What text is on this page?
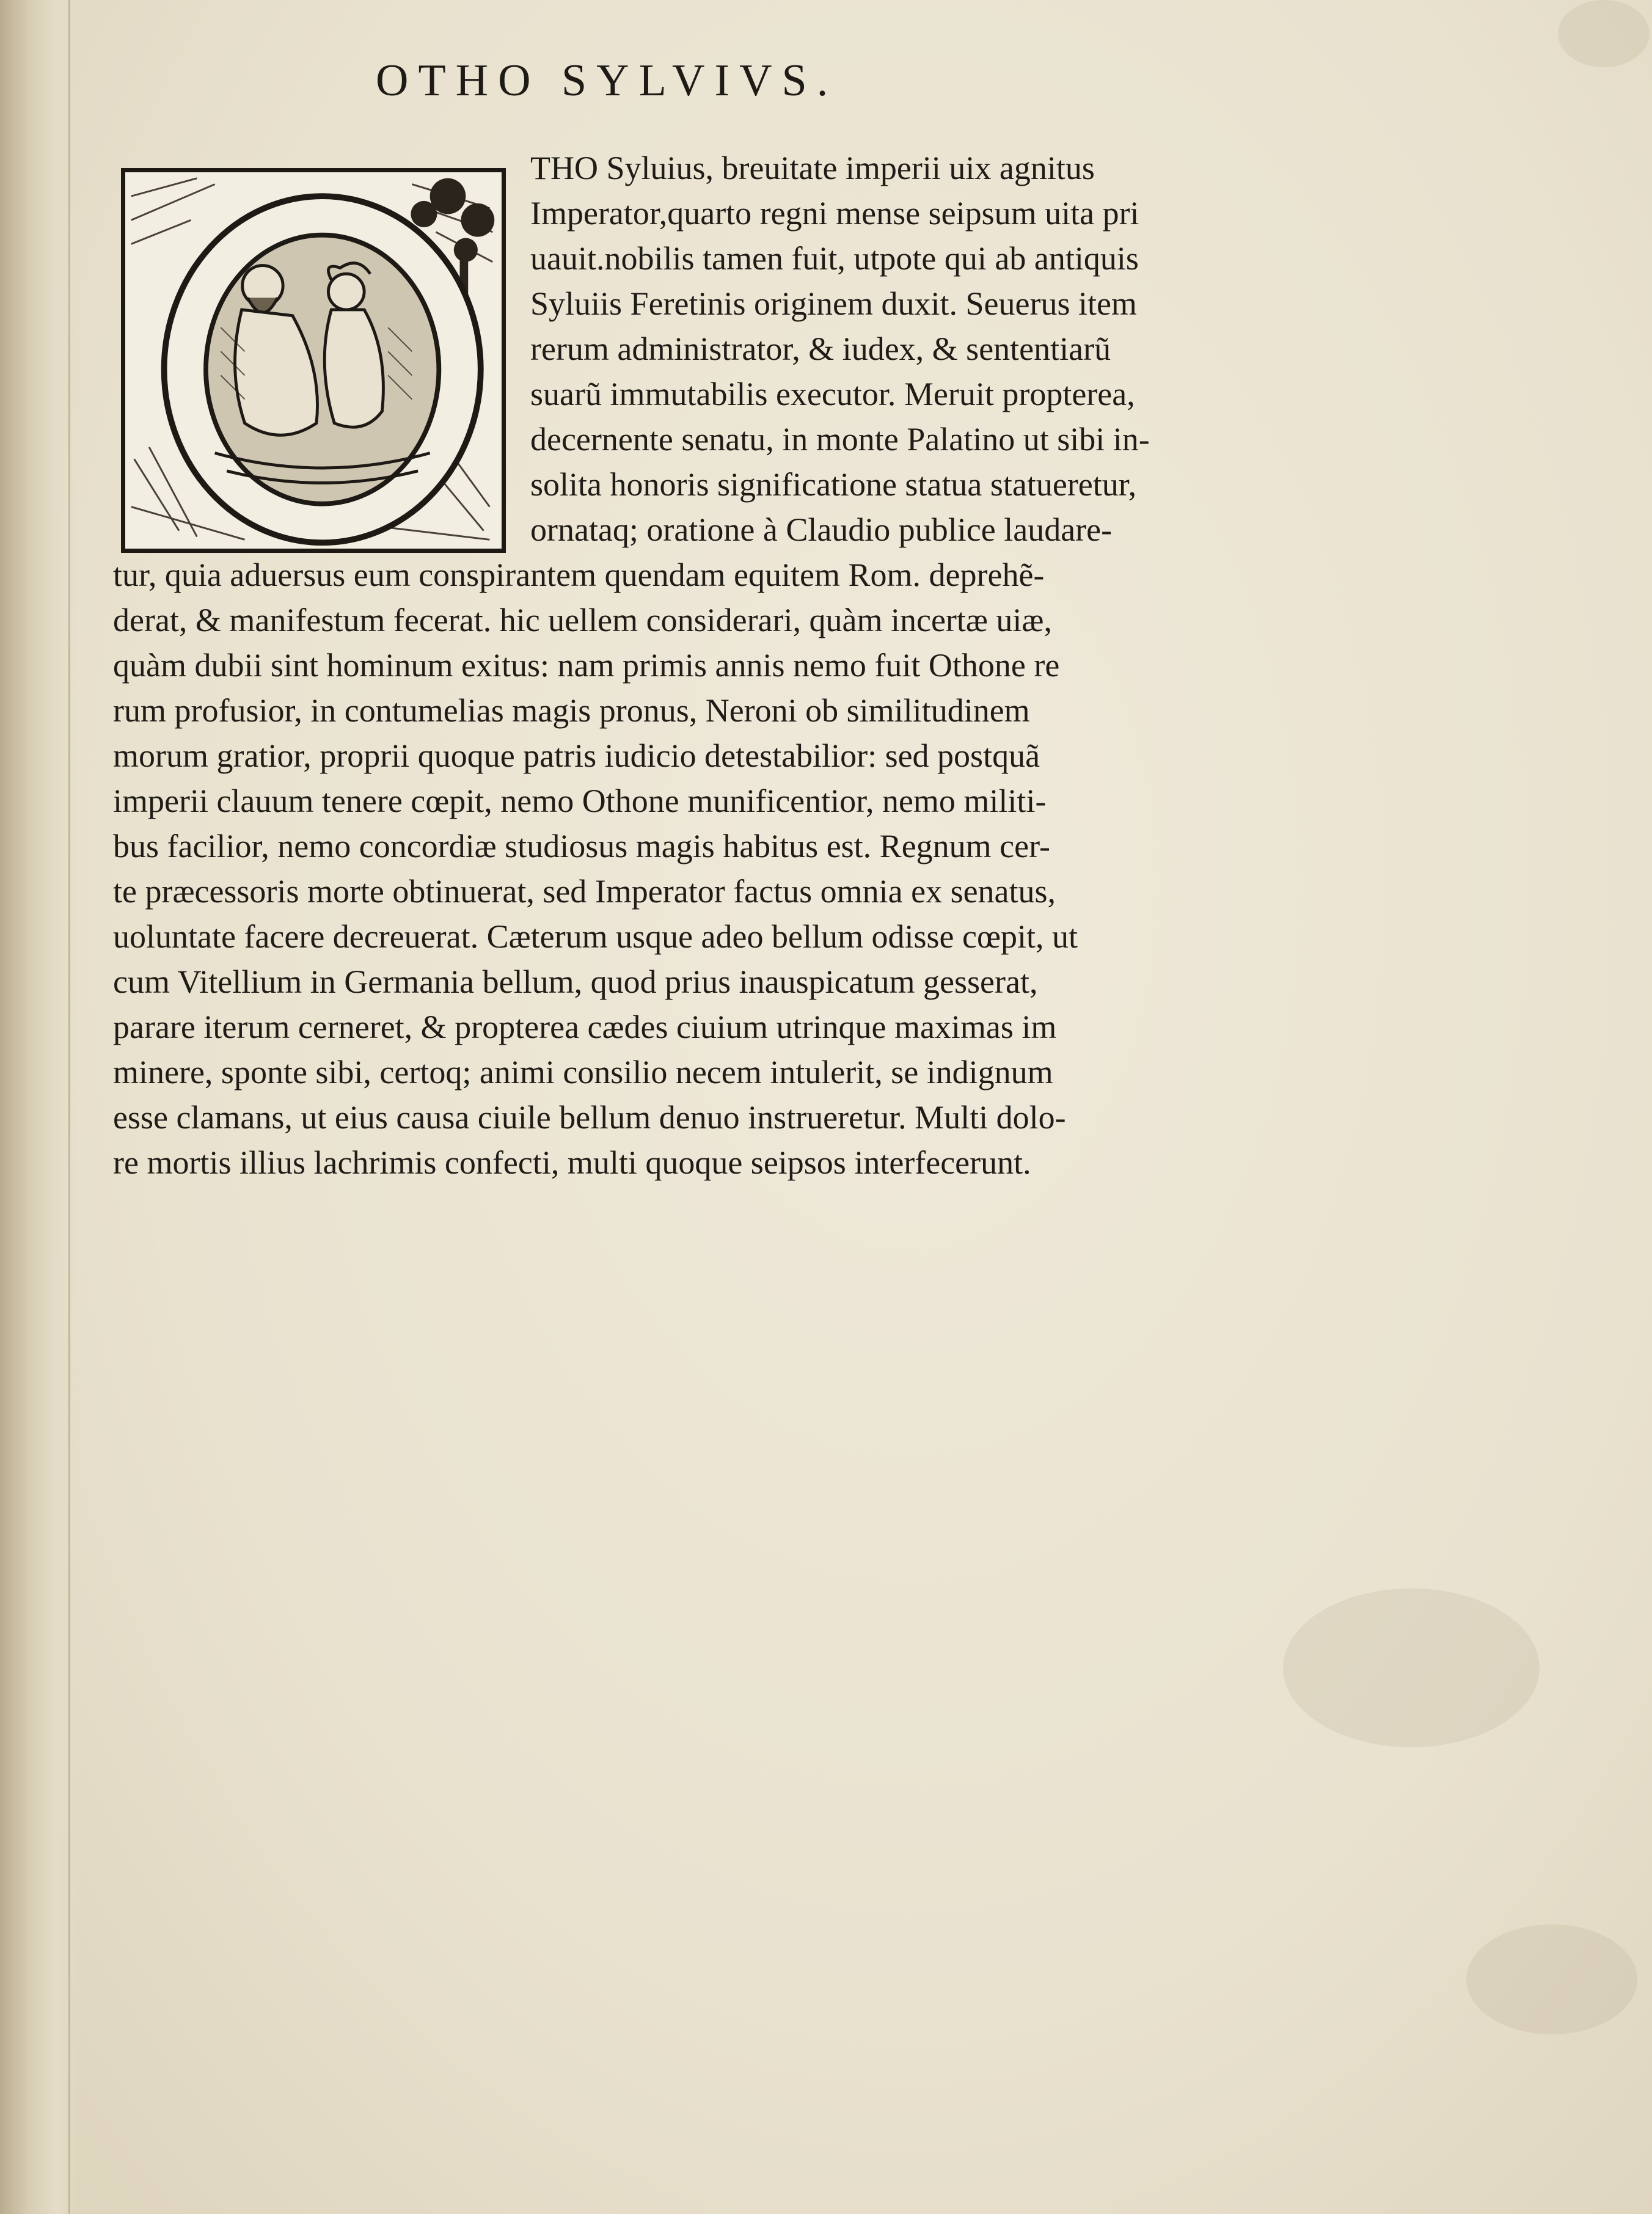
OTHO SYLVIVS.
THO Syluius, breuitate imperii uix agnitus
Imperator,quarto regni mense seipsum uita pri
uauit.nobilis tamen fuit, utpote qui ab antiquis
Syluiis Feretinis originem duxit. Seuerus item
rerum administrator, & iudex, & sententiarũ
suarũ immutabilis executor. Meruit propterea,
decernente senatu, in monte Palatino ut sibi in-
solita honoris significatione statua statueretur,
ornataq; oratione à Claudio publice laudare-
tur, quia aduersus eum conspirantem quendam equitem Rom. deprehẽ-
derat, & manifestum fecerat. hic uellem considerari, quàm incertæ uiæ,
quàm dubii sint hominum exitus: nam primis annis nemo fuit Othone re
rum profusior, in contumelias magis pronus, Neroni ob similitudinem
morum gratior, proprii quoque patris iudicio detestabilior: sed postquã
imperii clauum tenere cœpit, nemo Othone munificentior, nemo militi-
bus facilior, nemo concordiæ studiosus magis habitus est. Regnum cer-
te præcessoris morte obtinuerat, sed Imperator factus omnia ex senatus,
uoluntate facere decreuerat. Cæterum usque adeo bellum odisse cœpit, ut
cum Vitellium in Germania bellum, quod prius inauspicatum gesserat,
parare iterum cerneret, & propterea cædes ciuium utrinque maximas im
minere, sponte sibi, certoq; animi consilio necem intulerit, se indignum
esse clamans, ut eius causa ciuile bellum denuo instrueretur. Multi dolo-
re mortis illius lachrimis confecti, multi quoque seipsos interfecerunt.
